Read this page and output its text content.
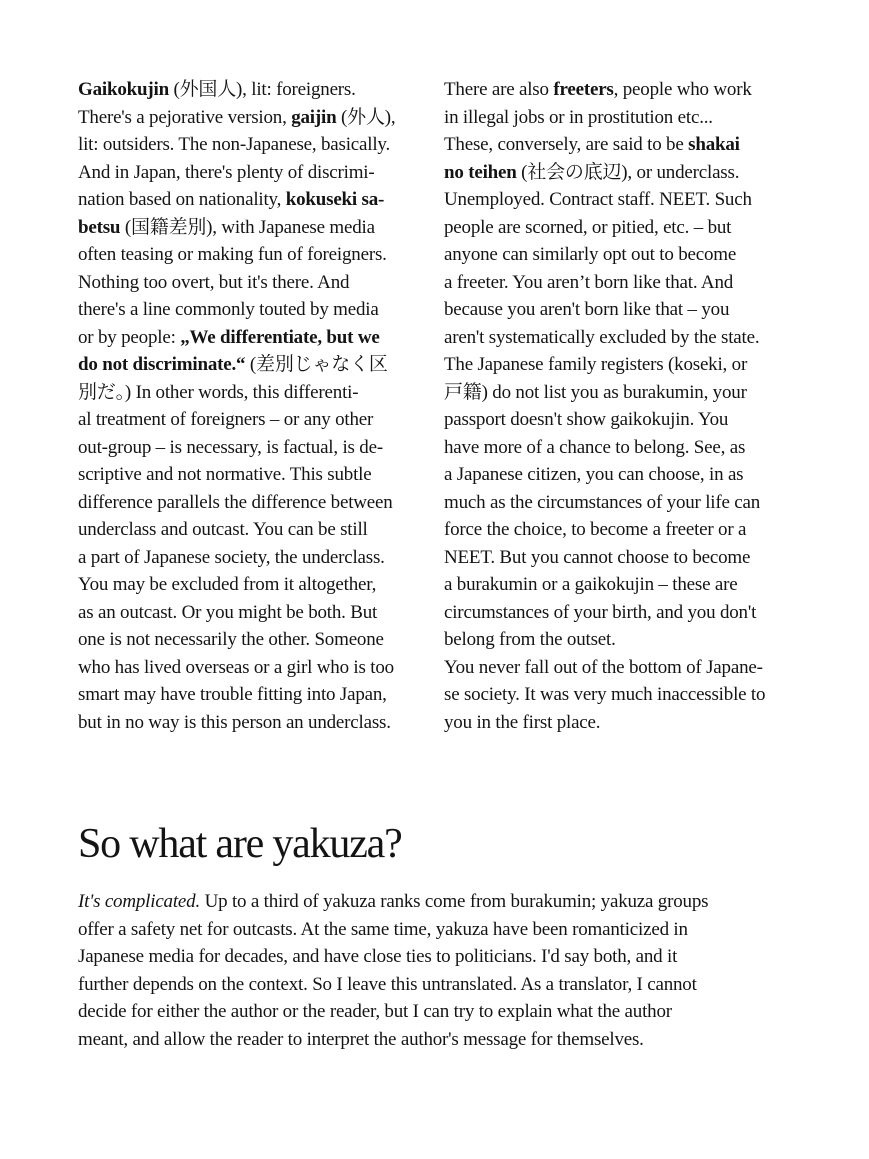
Gaikokujin (外国人), lit: foreigners.
There's a pejorative version, gaijin (外人),
lit: outsiders. The non-Japanese, basically.
And in Japan, there's plenty of discrimi-
nation based on nationality, kokuseki sa-
betsu (国籍差別), with Japanese media
often teasing or making fun of foreigners.
Nothing too overt, but it's there. And
there's a line commonly touted by media
or by people: „We differentiate, but we
do not discriminate.“ (差別じゃなく区
別だ。) In other words, this differenti-
al treatment of foreigners – or any other
out-group – is necessary, is factual, is de-
scriptive and not normative. This subtle
difference parallels the difference between
underclass and outcast. You can be still
a part of Japanese society, the underclass.
You may be excluded from it altogether,
as an outcast. Or you might be both. But
one is not necessarily the other. Someone
who has lived overseas or a girl who is too
smart may have trouble fitting into Japan,
but in no way is this person an underclass.
There are also freeters, people who work
in illegal jobs or in prostitution etc...
These, conversely, are said to be shakai
no teihen (社会の底辺), or underclass.
Unemployed. Contract staff. NEET. Such
people are scorned, or pitied, etc. – but
anyone can similarly opt out to become
a freeter. You aren’t born like that. And
because you aren't born like that – you
aren't systematically excluded by the state.
The Japanese family registers (koseki, or
戸籍) do not list you as burakumin, your
passport doesn't show gaikokujin. You
have more of a chance to belong. See, as
a Japanese citizen, you can choose, in as
much as the circumstances of your life can
force the choice, to become a freeter or a
NEET. But you cannot choose to become
a burakumin or a gaikokujin – these are
circumstances of your birth, and you don't
belong from the outset.
You never fall out of the bottom of Japane-
se society. It was very much inaccessible to
you in the first place.
So what are yakuza?
It's complicated. Up to a third of yakuza ranks come from burakumin; yakuza groups
offer a safety net for outcasts. At the same time, yakuza have been romanticized in
Japanese media for decades, and have close ties to politicians. I'd say both, and it
further depends on the context. So I leave this untranslated. As a translator, I cannot
decide for either the author or the reader, but I can try to explain what the author
meant, and allow the reader to interpret the author's message for themselves.
